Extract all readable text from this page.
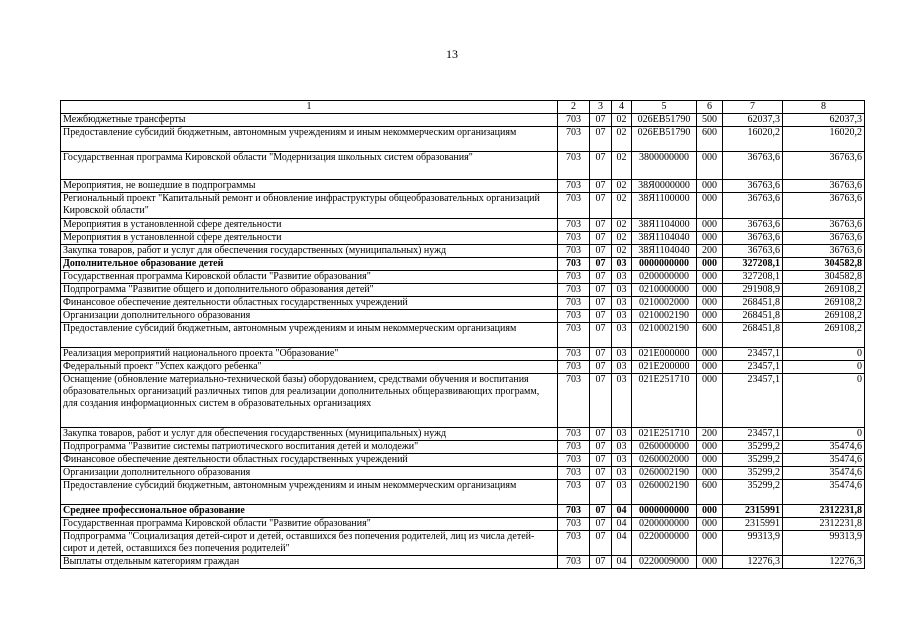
13
1	2	3	4	5	6	7	8
Межбюджетные трансферты	703	07	02	026EB51790	500	62037,3	62037,3
Предоставление субсидий бюджетным, автономным учреждениям и иным некоммерческим организациям	703	07	02	026EB51790	600	16020,2	16020,2
Государственная программа Кировской области "Модернизация школьных систем образования"	703	07	02	3800000000	000	36763,6	36763,6
Мероприятия, не вошедшие в подпрограммы	703	07	02	38Я0000000	000	36763,6	36763,6
Региональный проект "Капитальный ремонт и обновление инфраструктуры общеобразовательных организаций Кировской области"	703	07	02	38Я1100000	000	36763,6	36763,6
Мероприятия в установленной сфере деятельности	703	07	02	38Я1104000	000	36763,6	36763,6
Мероприятия в установленной сфере деятельности	703	07	02	38Я1104040	000	36763,6	36763,6
Закупка товаров, работ и услуг для обеспечения государственных (муниципальных) нужд	703	07	02	38Я1104040	200	36763,6	36763,6
Дополнительное образование детей	703	07	03	0000000000	000	327208,1	304582,8
Государственная программа Кировской области "Развитие образования"	703	07	03	0200000000	000	327208,1	304582,8
Подпрограмма "Развитие общего и дополнительного образования детей"	703	07	03	0210000000	000	291908,9	269108,2
Финансовое обеспечение деятельности областных государственных учреждений	703	07	03	0210002000	000	268451,8	269108,2
Организации дополнительного образования	703	07	03	0210002190	000	268451,8	269108,2
Предоставление субсидий бюджетным, автономным учреждениям и иным некоммерческим организациям	703	07	03	0210002190	600	268451,8	269108,2
Реализация мероприятий национального проекта "Образование"	703	07	03	021E000000	000	23457,1	0
Федеральный проект "Успех каждого ребенка"	703	07	03	021E200000	000	23457,1	0
Оснащение (обновление материально-технической базы) оборудованием, средствами обучения и воспитания образовательных организаций различных типов для реализации дополнительных общеразвивающих программ, для создания информационных систем в образовательных организациях	703	07	03	021E251710	000	23457,1	0
Закупка товаров, работ и услуг для обеспечения государственных (муниципальных) нужд	703	07	03	021E251710	200	23457,1	0
Подпрограмма "Развитие системы патриотического воспитания детей и молодежи"	703	07	03	0260000000	000	35299,2	35474,6
Финансовое обеспечение деятельности областных государственных учреждений	703	07	03	0260002000	000	35299,2	35474,6
Организации дополнительного образования	703	07	03	0260002190	000	35299,2	35474,6
Предоставление субсидий бюджетным, автономным учреждениям и иным некоммерческим организациям	703	07	03	0260002190	600	35299,2	35474,6
Среднее профессиональное образование	703	07	04	0000000000	000	2315991	2312231,8
Государственная программа Кировской области "Развитие образования"	703	07	04	0200000000	000	2315991	2312231,8
Подпрограмма "Социализация детей-сирот и детей, оставшихся без попечения родителей, лиц из числа детей-сирот и детей, оставшихся без попечения родителей"	703	07	04	0220000000	000	99313,9	99313,9
Выплаты отдельным категориям граждан	703	07	04	0220009000	000	12276,3	12276,3
